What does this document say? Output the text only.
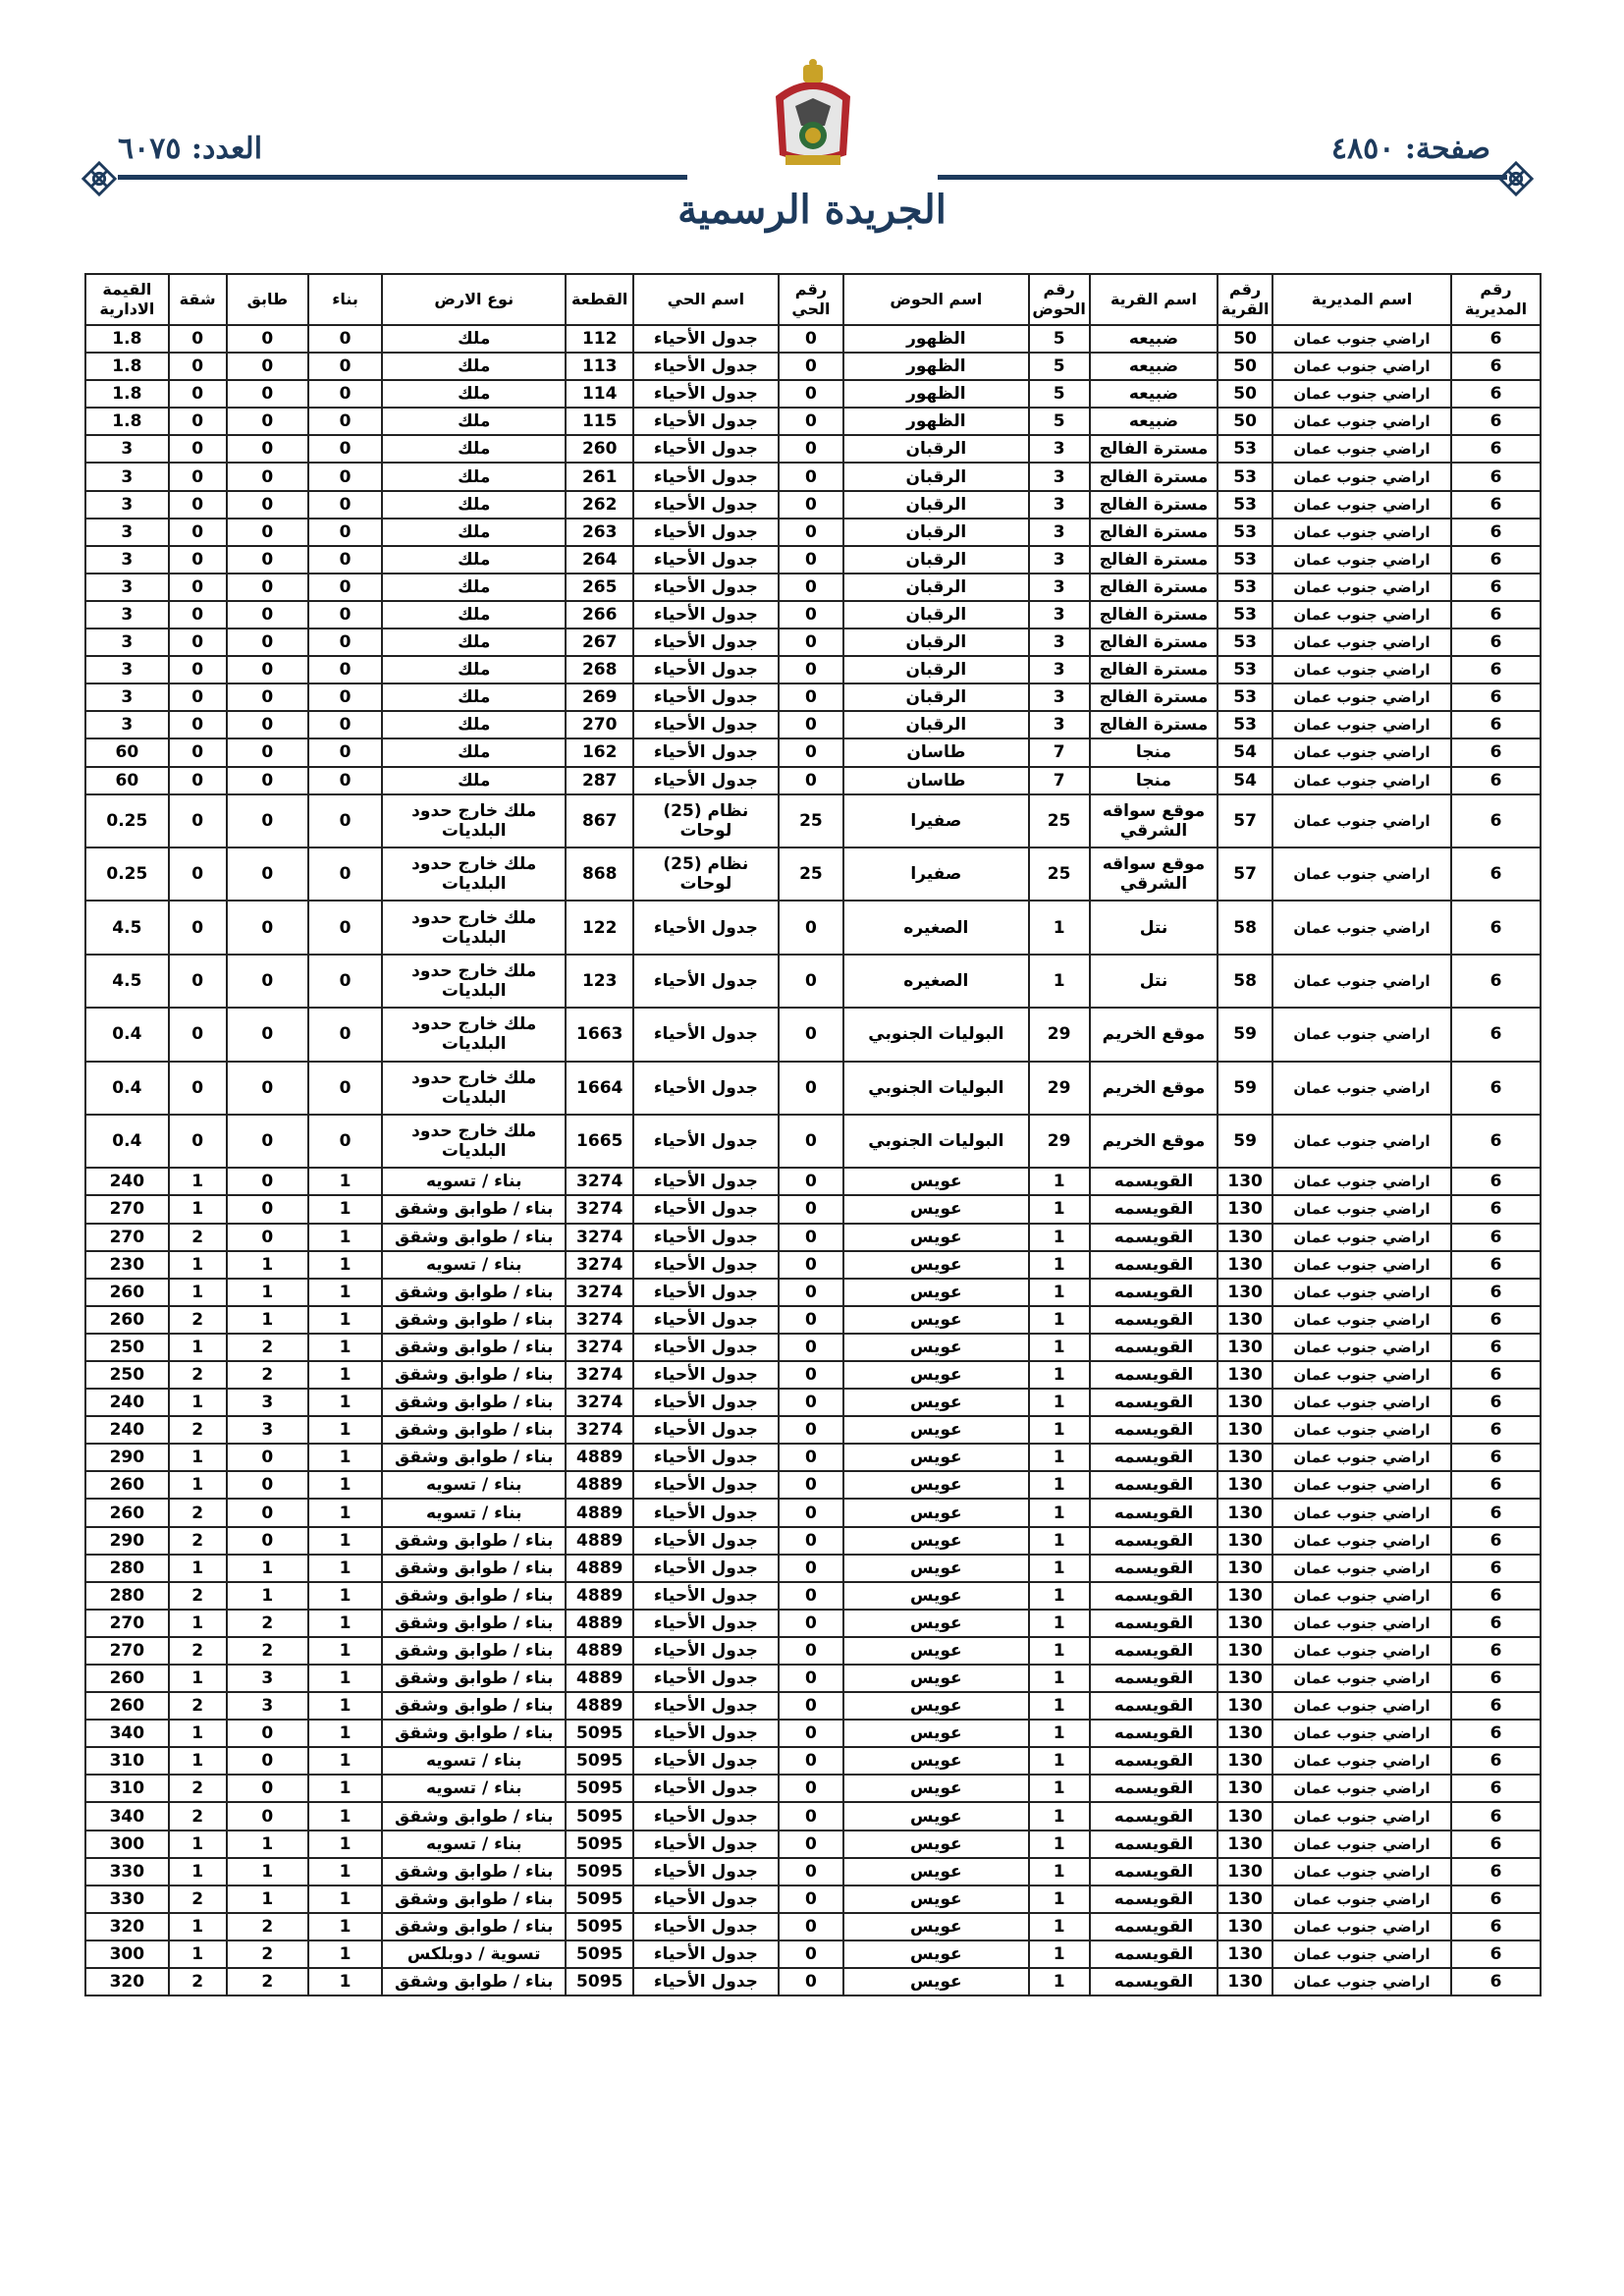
صفحة: ٤٨٥٠
العدد: ٦٠٧٥
الجريدة الرسمية
رقم المديرية	اسم المديرية	رقم القرية	اسم القرية	رقم الحوض	اسم الحوض	رقم الحي	اسم الحي	القطعة	نوع الارض	بناء	طابق	شقة	القيمة الادارية
6	اراضي جنوب عمان	50	ضبيعه	5	الظهور	0	جدول الأحياء	112	ملك	0	0	0	1.8
6	اراضي جنوب عمان	50	ضبيعه	5	الظهور	0	جدول الأحياء	113	ملك	0	0	0	1.8
6	اراضي جنوب عمان	50	ضبيعه	5	الظهور	0	جدول الأحياء	114	ملك	0	0	0	1.8
6	اراضي جنوب عمان	50	ضبيعه	5	الظهور	0	جدول الأحياء	115	ملك	0	0	0	1.8
6	اراضي جنوب عمان	53	مسترة الفالج	3	الرقبان	0	جدول الأحياء	260	ملك	0	0	0	3
6	اراضي جنوب عمان	53	مسترة الفالج	3	الرقبان	0	جدول الأحياء	261	ملك	0	0	0	3
6	اراضي جنوب عمان	53	مسترة الفالج	3	الرقبان	0	جدول الأحياء	262	ملك	0	0	0	3
6	اراضي جنوب عمان	53	مسترة الفالج	3	الرقبان	0	جدول الأحياء	263	ملك	0	0	0	3
6	اراضي جنوب عمان	53	مسترة الفالج	3	الرقبان	0	جدول الأحياء	264	ملك	0	0	0	3
6	اراضي جنوب عمان	53	مسترة الفالج	3	الرقبان	0	جدول الأحياء	265	ملك	0	0	0	3
6	اراضي جنوب عمان	53	مسترة الفالج	3	الرقبان	0	جدول الأحياء	266	ملك	0	0	0	3
6	اراضي جنوب عمان	53	مسترة الفالج	3	الرقبان	0	جدول الأحياء	267	ملك	0	0	0	3
6	اراضي جنوب عمان	53	مسترة الفالج	3	الرقبان	0	جدول الأحياء	268	ملك	0	0	0	3
6	اراضي جنوب عمان	53	مسترة الفالج	3	الرقبان	0	جدول الأحياء	269	ملك	0	0	0	3
6	اراضي جنوب عمان	53	مسترة الفالج	3	الرقبان	0	جدول الأحياء	270	ملك	0	0	0	3
6	اراضي جنوب عمان	54	منجا	7	طاسان	0	جدول الأحياء	162	ملك	0	0	0	60
6	اراضي جنوب عمان	54	منجا	7	طاسان	0	جدول الأحياء	287	ملك	0	0	0	60
6	اراضي جنوب عمان	57	موقع سواقه الشرقي	25	صفيرا	25	نظام (25) لوحات	867	ملك خارج حدود البلديات	0	0	0	0.25
6	اراضي جنوب عمان	57	موقع سواقه الشرقي	25	صفيرا	25	نظام (25) لوحات	868	ملك خارج حدود البلديات	0	0	0	0.25
6	اراضي جنوب عمان	58	نتل	1	الصغيره	0	جدول الأحياء	122	ملك خارج حدود البلديات	0	0	0	4.5
6	اراضي جنوب عمان	58	نتل	1	الصغيره	0	جدول الأحياء	123	ملك خارج حدود البلديات	0	0	0	4.5
6	اراضي جنوب عمان	59	موقع الخريم	29	البوليات الجنوبي	0	جدول الأحياء	1663	ملك خارج حدود البلديات	0	0	0	0.4
6	اراضي جنوب عمان	59	موقع الخريم	29	البوليات الجنوبي	0	جدول الأحياء	1664	ملك خارج حدود البلديات	0	0	0	0.4
6	اراضي جنوب عمان	59	موقع الخريم	29	البوليات الجنوبي	0	جدول الأحياء	1665	ملك خارج حدود البلديات	0	0	0	0.4
6	اراضي جنوب عمان	130	القويسمه	1	عويس	0	جدول الأحياء	3274	بناء / تسويه	1	0	1	240
6	اراضي جنوب عمان	130	القويسمه	1	عويس	0	جدول الأحياء	3274	بناء / طوابق وشقق	1	0	1	270
6	اراضي جنوب عمان	130	القويسمه	1	عويس	0	جدول الأحياء	3274	بناء / طوابق وشقق	1	0	2	270
6	اراضي جنوب عمان	130	القويسمه	1	عويس	0	جدول الأحياء	3274	بناء / تسويه	1	1	1	230
6	اراضي جنوب عمان	130	القويسمه	1	عويس	0	جدول الأحياء	3274	بناء / طوابق وشقق	1	1	1	260
6	اراضي جنوب عمان	130	القويسمه	1	عويس	0	جدول الأحياء	3274	بناء / طوابق وشقق	1	1	2	260
6	اراضي جنوب عمان	130	القويسمه	1	عويس	0	جدول الأحياء	3274	بناء / طوابق وشقق	1	2	1	250
6	اراضي جنوب عمان	130	القويسمه	1	عويس	0	جدول الأحياء	3274	بناء / طوابق وشقق	1	2	2	250
6	اراضي جنوب عمان	130	القويسمه	1	عويس	0	جدول الأحياء	3274	بناء / طوابق وشقق	1	3	1	240
6	اراضي جنوب عمان	130	القويسمه	1	عويس	0	جدول الأحياء	3274	بناء / طوابق وشقق	1	3	2	240
6	اراضي جنوب عمان	130	القويسمه	1	عويس	0	جدول الأحياء	4889	بناء / طوابق وشقق	1	0	1	290
6	اراضي جنوب عمان	130	القويسمه	1	عويس	0	جدول الأحياء	4889	بناء / تسويه	1	0	1	260
6	اراضي جنوب عمان	130	القويسمه	1	عويس	0	جدول الأحياء	4889	بناء / تسويه	1	0	2	260
6	اراضي جنوب عمان	130	القويسمه	1	عويس	0	جدول الأحياء	4889	بناء / طوابق وشقق	1	0	2	290
6	اراضي جنوب عمان	130	القويسمه	1	عويس	0	جدول الأحياء	4889	بناء / طوابق وشقق	1	1	1	280
6	اراضي جنوب عمان	130	القويسمه	1	عويس	0	جدول الأحياء	4889	بناء / طوابق وشقق	1	1	2	280
6	اراضي جنوب عمان	130	القويسمه	1	عويس	0	جدول الأحياء	4889	بناء / طوابق وشقق	1	2	1	270
6	اراضي جنوب عمان	130	القويسمه	1	عويس	0	جدول الأحياء	4889	بناء / طوابق وشقق	1	2	2	270
6	اراضي جنوب عمان	130	القويسمه	1	عويس	0	جدول الأحياء	4889	بناء / طوابق وشقق	1	3	1	260
6	اراضي جنوب عمان	130	القويسمه	1	عويس	0	جدول الأحياء	4889	بناء / طوابق وشقق	1	3	2	260
6	اراضي جنوب عمان	130	القويسمه	1	عويس	0	جدول الأحياء	5095	بناء / طوابق وشقق	1	0	1	340
6	اراضي جنوب عمان	130	القويسمه	1	عويس	0	جدول الأحياء	5095	بناء / تسويه	1	0	1	310
6	اراضي جنوب عمان	130	القويسمه	1	عويس	0	جدول الأحياء	5095	بناء / تسويه	1	0	2	310
6	اراضي جنوب عمان	130	القويسمه	1	عويس	0	جدول الأحياء	5095	بناء / طوابق وشقق	1	0	2	340
6	اراضي جنوب عمان	130	القويسمه	1	عويس	0	جدول الأحياء	5095	بناء / تسويه	1	1	1	300
6	اراضي جنوب عمان	130	القويسمه	1	عويس	0	جدول الأحياء	5095	بناء / طوابق وشقق	1	1	1	330
6	اراضي جنوب عمان	130	القويسمه	1	عويس	0	جدول الأحياء	5095	بناء / طوابق وشقق	1	1	2	330
6	اراضي جنوب عمان	130	القويسمه	1	عويس	0	جدول الأحياء	5095	بناء / طوابق وشقق	1	2	1	320
6	اراضي جنوب عمان	130	القويسمه	1	عويس	0	جدول الأحياء	5095	تسوية / دوبلكس	1	2	1	300
6	اراضي جنوب عمان	130	القويسمه	1	عويس	0	جدول الأحياء	5095	بناء / طوابق وشقق	1	2	2	320
